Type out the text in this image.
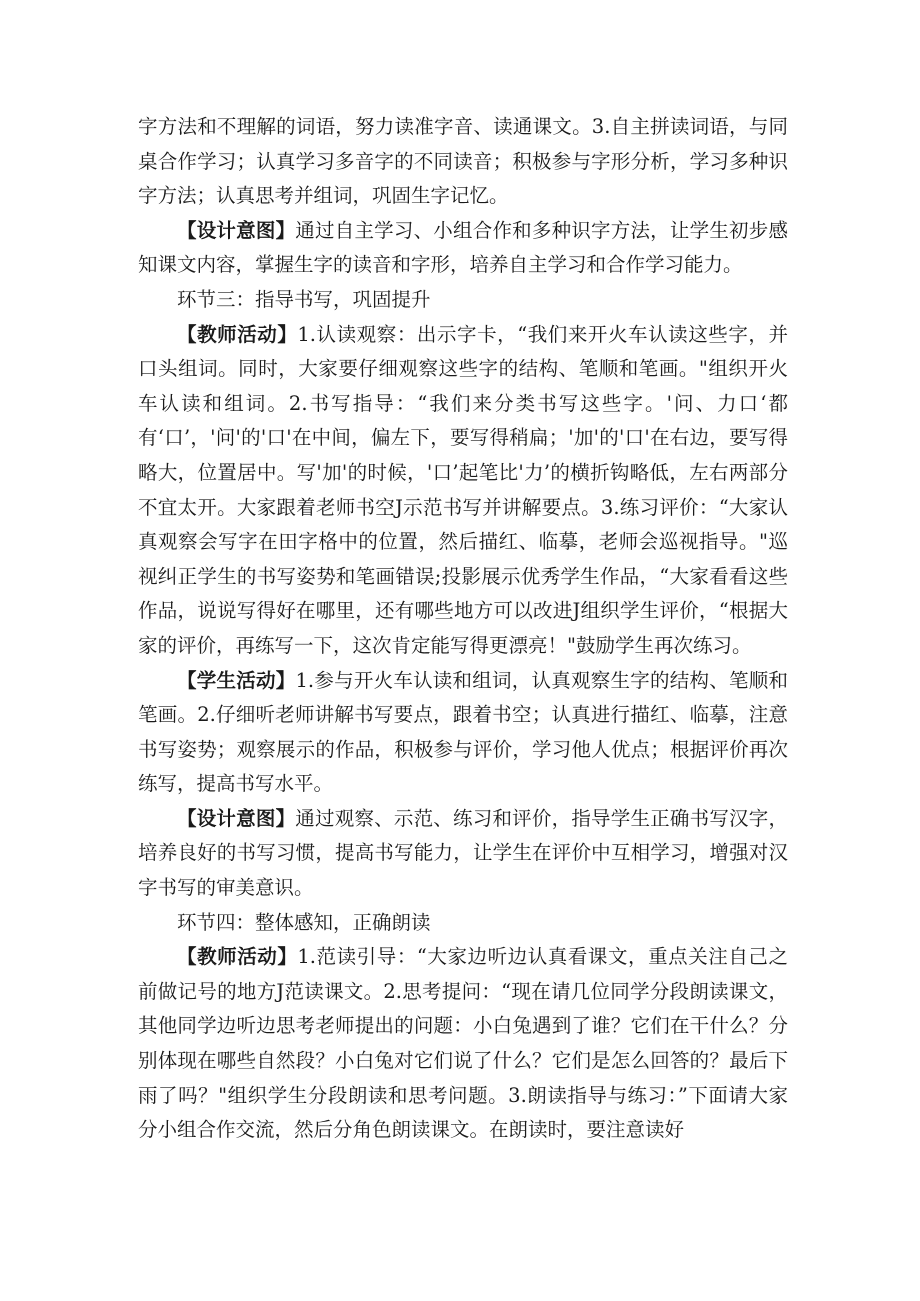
字方法和不理解的词语，努力读准字音、读通课文。3.自主拼读词语，与同桌合作学习；认真学习多音字的不同读音；积极参与字形分析，学习多种识字方法；认真思考并组词，巩固生字记忆。

【设计意图】通过自主学习、小组合作和多种识字方法，让学生初步感知课文内容，掌握生字的读音和字形，培养自主学习和合作学习能力。

环节三：指导书写，巩固提升

【教师活动】1.认读观察：出示字卡，“我们来开火车认读这些字，并口头组词。同时，大家要仔细观察这些字的结构、笔顺和笔画。"组织开火车认读和组词。2.书写指导：“我们来分类书写这些字。'问、力口‘都有‘口’，'问'的'口'在中间，偏左下，要写得稍扁；'加'的'口'在右边，要写得略大，位置居中。写'加'的时候，'口’起笔比'力’的横折钩略低，左右两部分不宜太开。大家跟着老师书空J示范书写并讲解要点。3.练习评价：“大家认真观察会写字在田字格中的位置，然后描红、临摹，老师会巡视指导。"巡视纠正学生的书写姿势和笔画错误;投影展示优秀学生作品，“大家看看这些作品，说说写得好在哪里，还有哪些地方可以改进J组织学生评价，“根据大家的评价，再练写一下，这次肯定能写得更漂亮！"鼓励学生再次练习。

【学生活动】1.参与开火车认读和组词，认真观察生字的结构、笔顺和笔画。2.仔细听老师讲解书写要点，跟着书空；认真进行描红、临摹，注意书写姿势；观察展示的作品，积极参与评价，学习他人优点；根据评价再次练写，提高书写水平。

【设计意图】通过观察、示范、练习和评价，指导学生正确书写汉字，培养良好的书写习惯，提高书写能力，让学生在评价中互相学习，增强对汉字书写的审美意识。

环节四：整体感知，正确朗读

【教师活动】1.范读引导：“大家边听边认真看课文，重点关注自己之前做记号的地方J范读课文。2.思考提问：“现在请几位同学分段朗读课文，其他同学边听边思考老师提出的问题：小白兔遇到了谁？它们在干什么？分别体现在哪些自然段？小白兔对它们说了什么？它们是怎么回答的？最后下雨了吗？"组织学生分段朗读和思考问题。3.朗读指导与练习：”下面请大家分小组合作交流，然后分角色朗读课文。在朗读时，要注意读好
